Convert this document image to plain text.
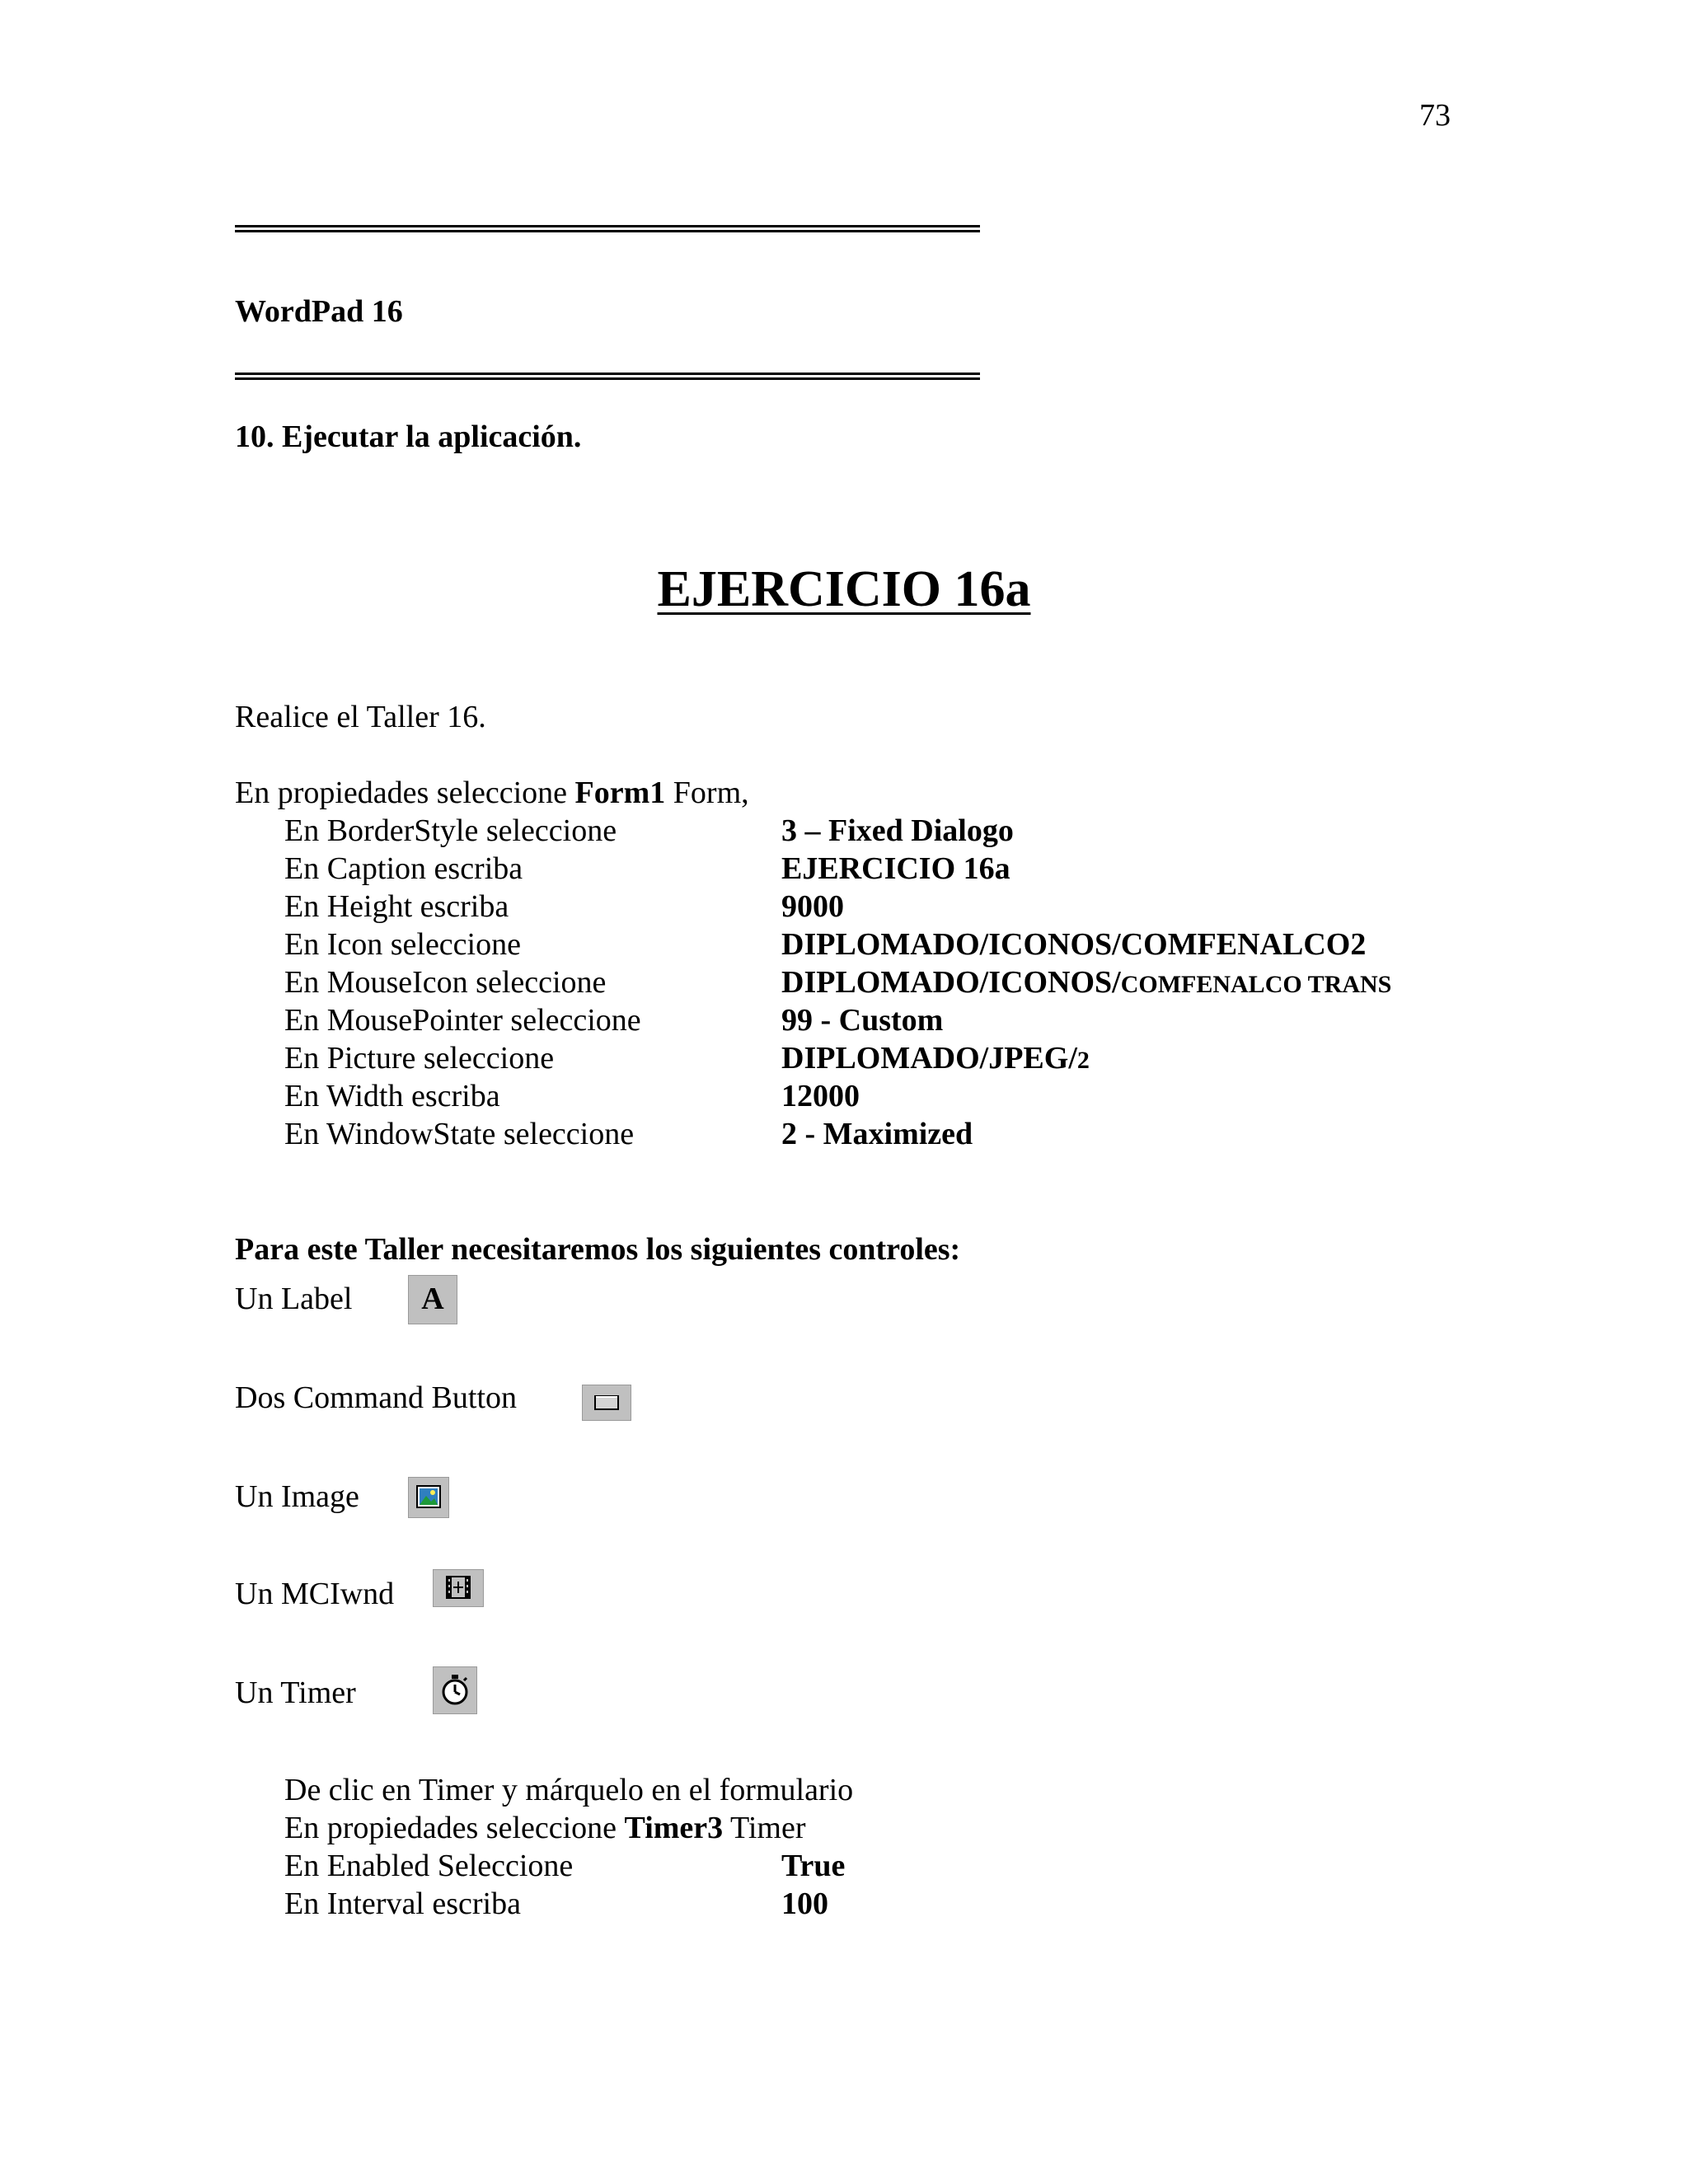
73
WordPad 16
10. Ejecutar la aplicación.
EJERCICIO 16a
Realice el Taller 16.
En propiedades seleccione Form1 Form,
En BorderStyle seleccione	3 – Fixed Dialogo
En Caption escriba	EJERCICIO 16a
En Height escriba	9000
En Icon seleccione	DIPLOMADO/ICONOS/COMFENALCO2
En MouseIcon seleccione	DIPLOMADO/ICONOS/COMFENALCO TRANS
En MousePointer seleccione	99 - Custom
En Picture seleccione	DIPLOMADO/JPEG/2
En Width escriba	12000
En WindowState seleccione	2 - Maximized
Para este Taller necesitaremos los siguientes controles:
Un Label A
Dos Command Button
Un Image
Un MCIwnd
Un Timer
De clic en Timer y márquelo en el formulario
En propiedades seleccione Timer3 Timer
En Enabled Seleccione	True
En Interval escriba	100
